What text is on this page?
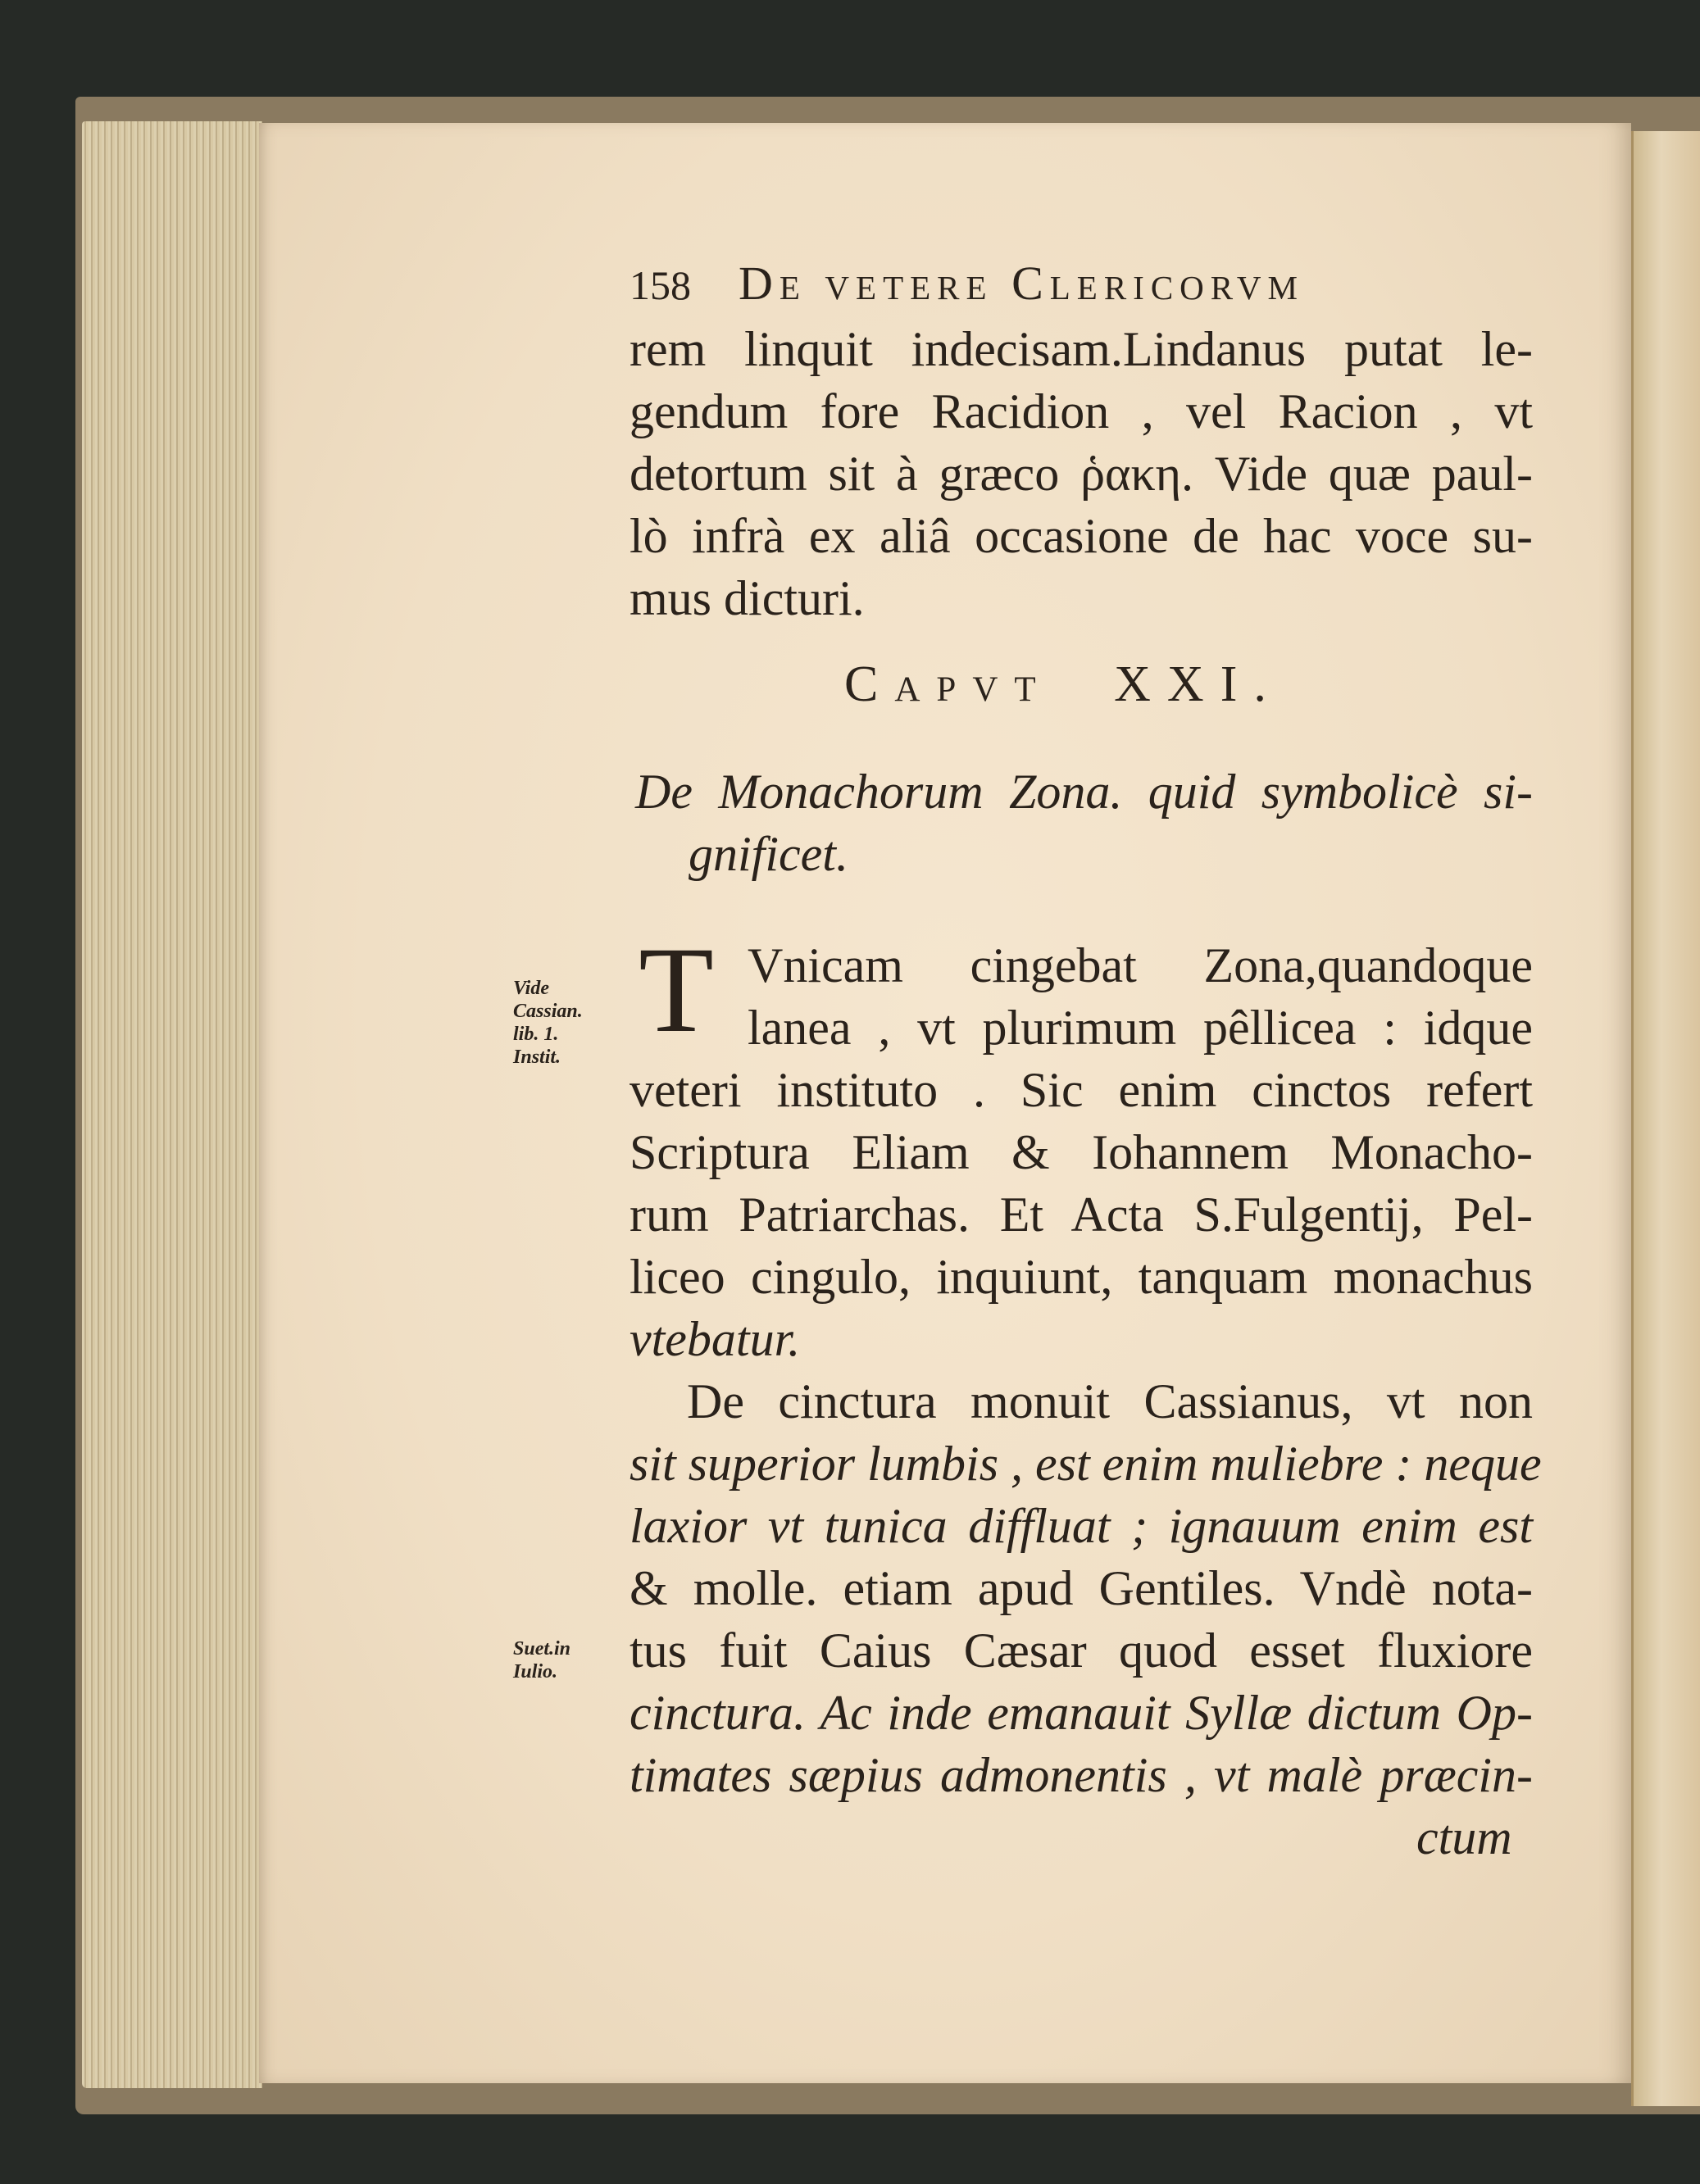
158 De vetere Clericorvm
rem linquit indecisam.Lindanus putat le-
gendum fore Racidion , vel Racion , vt
detortum sit à græco ῥακη. Vide quæ paul-
lò infrà ex aliâ occasione de hac voce su-
mus dicturi.
Capvt XXI.
De Monachorum Zona. quid symbolicè si-
gnificet.
T Vnicam cingebat Zona,quandoque
lanea , vt plurimum pêllicea : idque
veteri instituto . Sic enim cinctos refert
Scriptura Eliam & Iohannem Monacho-
rum Patriarchas. Et Acta S.Fulgentij, Pel-
liceo cingulo, inquiunt, tanquam monachus
vtebatur.
De cinctura monuit Cassianus, vt non
sit superior lumbis , est enim muliebre : neque
laxior vt tunica diffluat ; ignauum enim est
& molle. etiam apud Gentiles. Vndè nota-
tus fuit Caius Cæsar quod esset fluxiore
cinctura. Ac inde emanauit Syllæ dictum Op-
timates sæpius admonentis , vt malè præcin-
ctum
Vide
Cassian.
lib. 1.
Instit.
Suet.in
Iulio.
